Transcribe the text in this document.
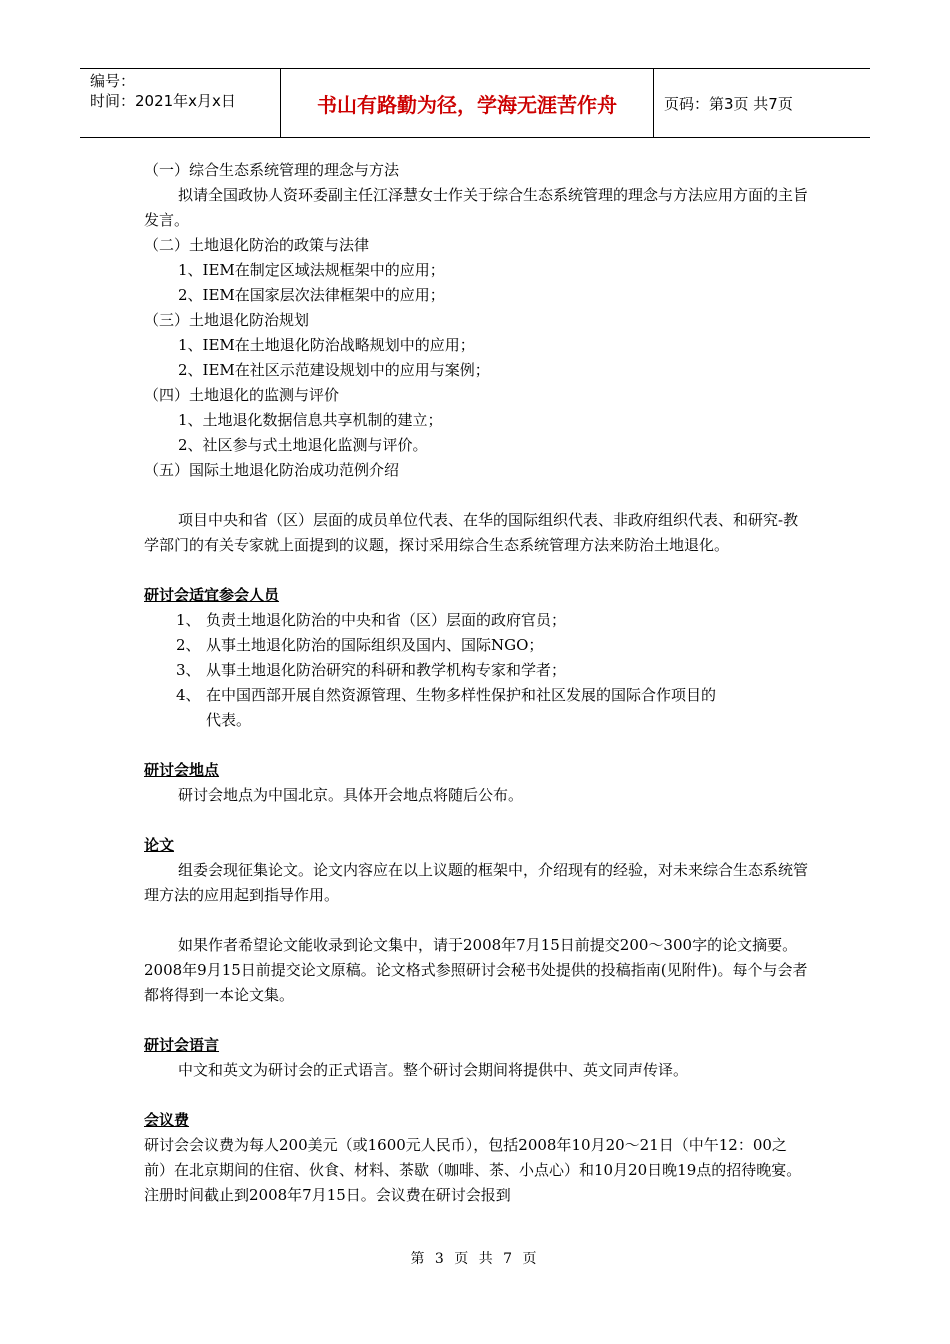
编号：
时间：2021年x月x日	书山有路勤为径，学海无涯苦作舟	页码：第3页 共7页

（一）综合生态系统管理的理念与方法

拟请全国政协人资环委副主任江泽慧女士作关于综合生态系统管理的理念与方法应用方面的主旨发言。

（二）土地退化防治的政策与法律

1、IEM在制定区域法规框架中的应用；

2、IEM在国家层次法律框架中的应用；

（三）土地退化防治规划

1、IEM在土地退化防治战略规划中的应用；

2、IEM在社区示范建设规划中的应用与案例；

（四）土地退化的监测与评价

1、土地退化数据信息共享机制的建立；

2、社区参与式土地退化监测与评价。

（五）国际土地退化防治成功范例介绍

项目中央和省（区）层面的成员单位代表、在华的国际组织代表、非政府组织代表、和研究-教学部门的有关专家就上面提到的议题，探讨采用综合生态系统管理方法来防治土地退化。

研讨会适宜参会人员

1、 负责土地退化防治的中央和省（区）层面的政府官员；

2、 从事土地退化防治的国际组织及国内、国际NGO；

3、 从事土地退化防治研究的科研和教学机构专家和学者；

4、 在中国西部开展自然资源管理、生物多样性保护和社区发展的国际合作项目的

代表。

研讨会地点

研讨会地点为中国北京。具体开会地点将随后公布。

论文

组委会现征集论文。论文内容应在以上议题的框架中，介绍现有的经验，对未来综合生态系统管理方法的应用起到指导作用。

如果作者希望论文能收录到论文集中，请于2008年7月15日前提交200～300字的论文摘要。2008年9月15日前提交论文原稿。论文格式参照研讨会秘书处提供的投稿指南(见附件)。每个与会者都将得到一本论文集。

研讨会语言

中文和英文为研讨会的正式语言。整个研讨会期间将提供中、英文同声传译。

会议费

研讨会会议费为每人200美元（或1600元人民币），包括2008年10月20～21日（中午12：00之前）在北京期间的住宿、伙食、材料、茶歇（咖啡、茶、小点心）和10月20日晚19点的招待晚宴。注册时间截止到2008年7月15日。会议费在研讨会报到

第 3 页 共 7 页
